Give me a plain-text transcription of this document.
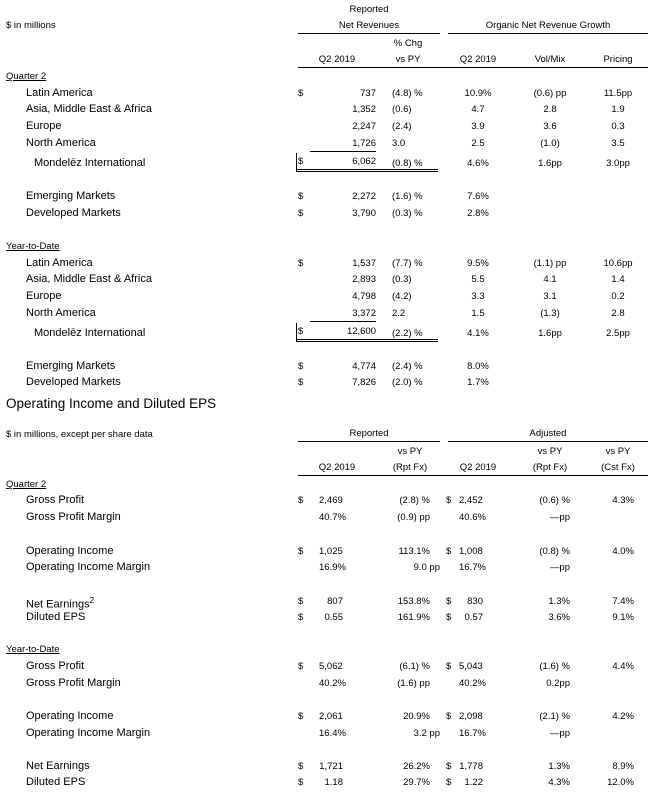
$ in millions
Reported
Net Revenues	Organic Net Revenue Growth
% Chg
Q2 2019	vs PY	Q2 2019	Vol/Mix	Pricing
Quarter 2
Latin America	$	737 (4.8) %	10.9%	(0.6) pp	11.5pp
Asia, Middle East & Africa	1,352 (0.6)	4.7	2.8	1.9
Europe	2,247 (2.4)	3.9	3.6	0.3
North America	1,726 3.0	2.5	(1.0)	3.5
Mondelēz International	$	6,062 (0.8) %	4.6%	1.6pp	3.0pp
Emerging Markets	$	2,272 (1.6) %	7.6%
Developed Markets	$	3,790 (0.3) %	2.8%
Year-to-Date
Latin America	$	1,537 (7.7) %	9.5%	(1.1) pp	10.6pp
Asia, Middle East & Africa	2,893 (0.3)	5.5	4.1	1.4
Europe	4,798 (4.2)	3.3	3.1	0.2
North America	3,372 2.2	1.5	(1.3)	2.8
Mondelēz International	$	12,600 (2.2) %	4.1%	1.6pp	2.5pp
Emerging Markets	$	4,774 (2.4) %	8.0%
Developed Markets	$	7,826 (2.0) %	1.7%
Operating Income and Diluted EPS
$ in millions, except per share data	Reported	Adjusted
vs PY	vs PY	vs PY
Q2 2019	(Rpt Fx)	Q2 2019	(Rpt Fx)	(Cst Fx)
Quarter 2
Gross Profit	$ 2,469	(2.8) % $ 2,452	(0.6) %	4.3%
Gross Profit Margin	40.7%	(0.9) pp	40.6%	—pp
Operating Income	$ 1,025	113.1% $ 1,008	(0.8) %	4.0%
Operating Income Margin	16.9%	9.0 pp 16.7%	—pp
Net Earnings$^2$	$	807	153.8% $	830	1.3%	7.4%
Diluted EPS	$	0.55	161.9% $	0.57	3.6%	9.1%
Year-to-Date
Gross Profit	$ 5,062	(6.1) % $ 5,043	(1.6) %	4.4%
Gross Profit Margin	40.2%	(1.6) pp	40.2%	0.2pp
Operating Income	$ 2,061	20.9% $ 2,098	(2.1) %	4.2%
Operating Income Margin	16.4%	3.2 pp 16.7%	—pp
Net Earnings	$	1,721	26.2% $ 1,778	1.3%	8.9%
Diluted EPS	$	1.18	29.7% $	1.22	4.3%	12.0%
